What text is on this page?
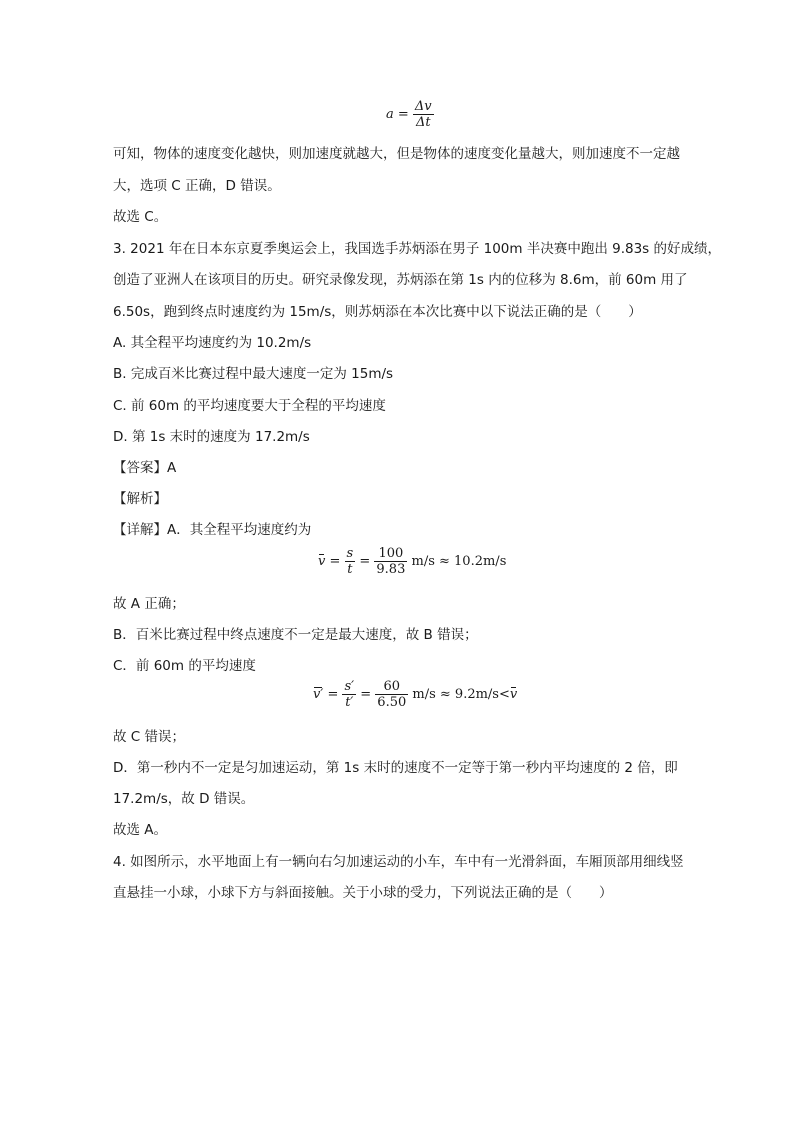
$a = \frac{\Delta v}{\Delta t}$
可知，物体的速度变化越快，则加速度就越大，但是物体的速度变化量越大，则加速度不一定越
大，选项 C 正确，D 错误。
故选 C。
3. 2021 年在日本东京夏季奥运会上，我国选手苏炳添在男子 100m 半决赛中跑出 9.83s 的好成绩，
创造了亚洲人在该项目的历史。研究录像发现，苏炳添在第 1s 内的位移为 8.6m，前 60m 用了
6.50s，跑到终点时速度约为 15m/s，则苏炳添在本次比赛中以下说法正确的是（　　）
A. 其全程平均速度约为 10.2m/s
B. 完成百米比赛过程中最大速度一定为 15m/s
C. 前 60m 的平均速度要大于全程的平均速度
D. 第 1s 末时的速度为 17.2m/s
【答案】A
【解析】
【详解】A．其全程平均速度约为
$v = \frac{s}{t} = \frac{100}{9.83} m/s \approx 10.2m/s$
故 A 正确；
B．百米比赛过程中终点速度不一定是最大速度，故 B 错误；
C．前 60m 的平均速度
$v' = \frac{s'}{t'} = \frac{60}{6.50} m/s \approx 9.2m/s<v$
故 C 错误；
D．第一秒内不一定是匀加速运动，第 1s 末时的速度不一定等于第一秒内平均速度的 2 倍，即
17.2m/s，故 D 错误。
故选 A。
4. 如图所示，水平地面上有一辆向右匀加速运动的小车，车中有一光滑斜面，车厢顶部用细线竖
直悬挂一小球，小球下方与斜面接触。关于小球的受力，下列说法正确的是（　　）
